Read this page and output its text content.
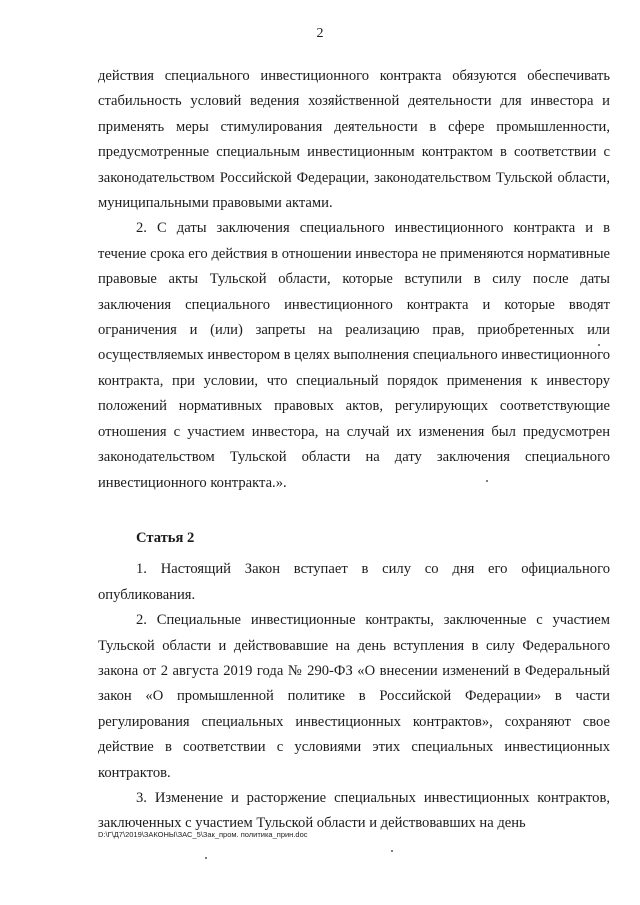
2

действия специального инвестиционного контракта обязуются обеспечивать стабильность условий ведения хозяйственной деятельности для инвестора и применять меры стимулирования деятельности в сфере промышленности, предусмотренные специальным инвестиционным контрактом в соответствии с законодательством Российской Федерации, законодательством Тульской области, муниципальными правовыми актами.

2. С даты заключения специального инвестиционного контракта и в течение срока его действия в отношении инвестора не применяются нормативные правовые акты Тульской области, которые вступили в силу после даты заключения специального инвестиционного контракта и которые вводят ограничения и (или) запреты на реализацию прав, приобретенных или осуществляемых инвестором в целях выполнения специального инвестиционного контракта, при условии, что специальный порядок применения к инвестору положений нормативных правовых актов, регулирующих соответствующие отношения с участием инвестора, на случай их изменения был предусмотрен законодательством Тульской области на дату заключения специального инвестиционного контракта.».

Статья 2

1. Настоящий Закон вступает в силу со дня его официального опубликования.

2. Специальные инвестиционные контракты, заключенные с участием Тульской области и действовавшие на день вступления в силу Федерального закона от 2 августа 2019 года № 290-ФЗ «О внесении изменений в Федеральный закон «О промышленной политике в Российской Федерации» в части регулирования специальных инвестиционных контрактов», сохраняют свое действие в соответствии с условиями этих специальных инвестиционных контрактов.

3. Изменение и расторжение специальных инвестиционных контрактов, заключенных с участием Тульской области и действовавших на день

D:\Г\Д7\2019\ЗАКОНЫ\ЗАС_5\Зак_пром. политика_прин.doc
